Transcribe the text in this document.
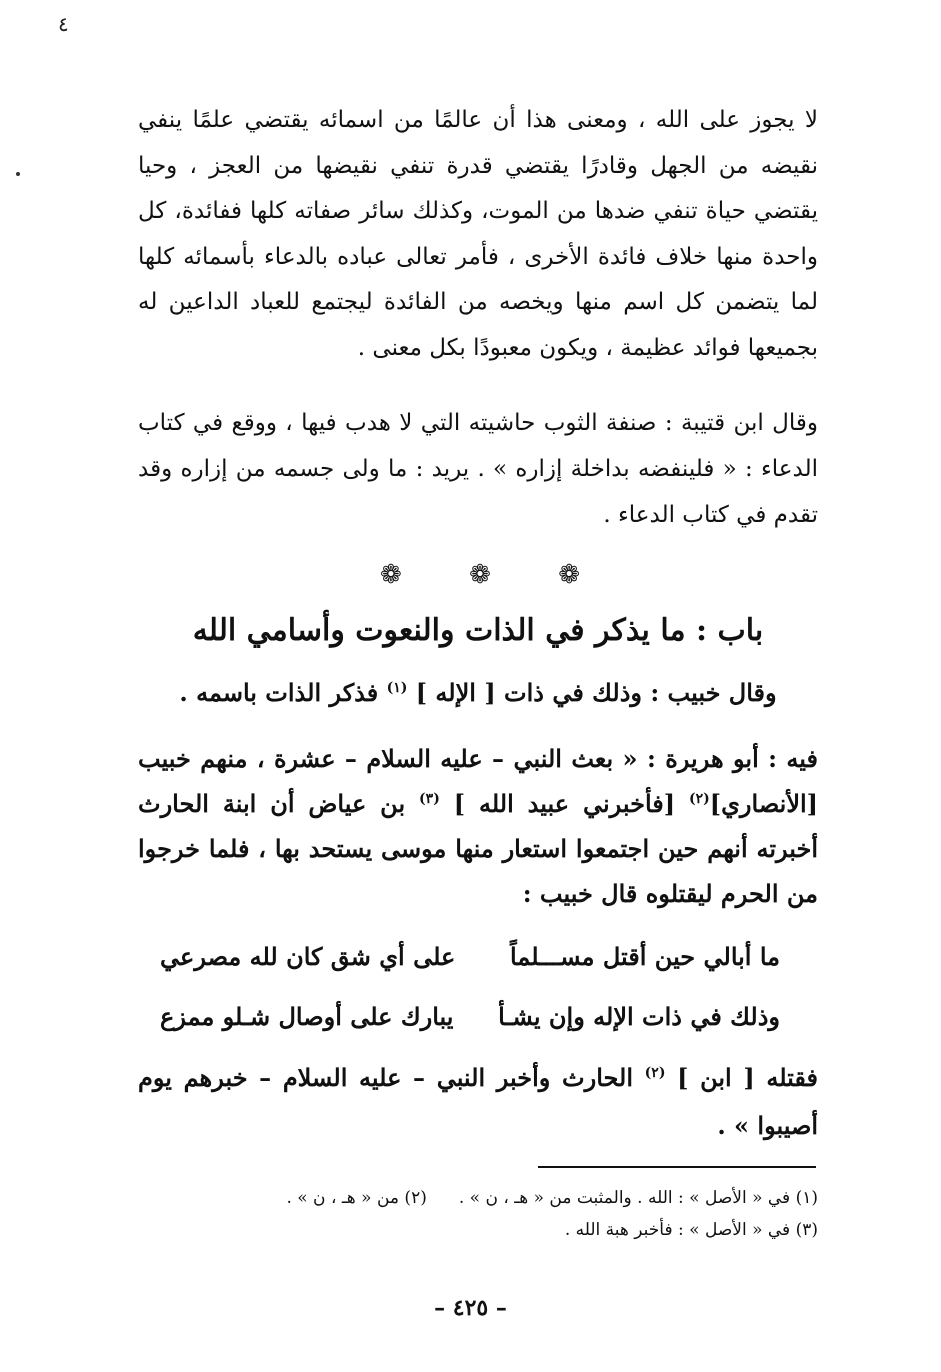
٤
لا يجوز على الله ، ومعنى هذا أن عالمًا من اسمائه يقتضي علمًا ينفي نقيضه من الجهل وقادرًا يقتضي قدرة تنفي نقيضها من العجز ، وحيا يقتضي حياة تنفي ضدها من الموت، وكذلك سائر صفاته كلها ففائدة، كل واحدة منها خلاف فائدة الأخرى ، فأمر تعالى عباده بالدعاء بأسمائه كلها لما يتضمن كل اسم منها ويخصه من الفائدة ليجتمع للعباد الداعين له بجميعها فوائد عظيمة ، ويكون معبودًا بكل معنى .
وقال ابن قتيبة : صنفة الثوب حاشيته التي لا هدب فيها ، ووقع في كتاب الدعاء : « فلينفضه بداخلة إزاره » . يريد : ما ولى جسمه من إزاره وقد تقدم في كتاب الدعاء .
❁
❁
❁
باب : ما يذكر في الذات والنعوت وأسامي الله
وقال خبيب : وذلك في ذات [ الإله ] $^{(١)}$ فذكر الذات باسمه .
فيه : أبو هريرة : « بعث النبي – عليه السلام – عشرة ، منهم خبيب [الأنصاري]$^{(٢)}$ [فأخبرني عبيد الله ] $^{(٣)}$ بن عياض أن ابنة الحارث أخبرته أنهم حين اجتمعوا استعار منها موسى يستحد بها ، فلما خرجوا من الحرم ليقتلوه قال خبيب :
ما أبالي حين أقتل مســـلماً
على أي شق كان لله مصرعي
وذلك في ذات الإله وإن يشـأ
يبارك على أوصال شـلو ممزع
فقتله [ ابن ] $^{(٢)}$ الحارث وأخبر النبي – عليه السلام – خبرهم يوم أصيبوا » .
(١) في « الأصل » : الله . والمثبت من « هـ ، ن » .
(٢) من « هـ ، ن » .
(٣) في « الأصل » : فأخبر هبة الله .
– ٤٢٥ –
